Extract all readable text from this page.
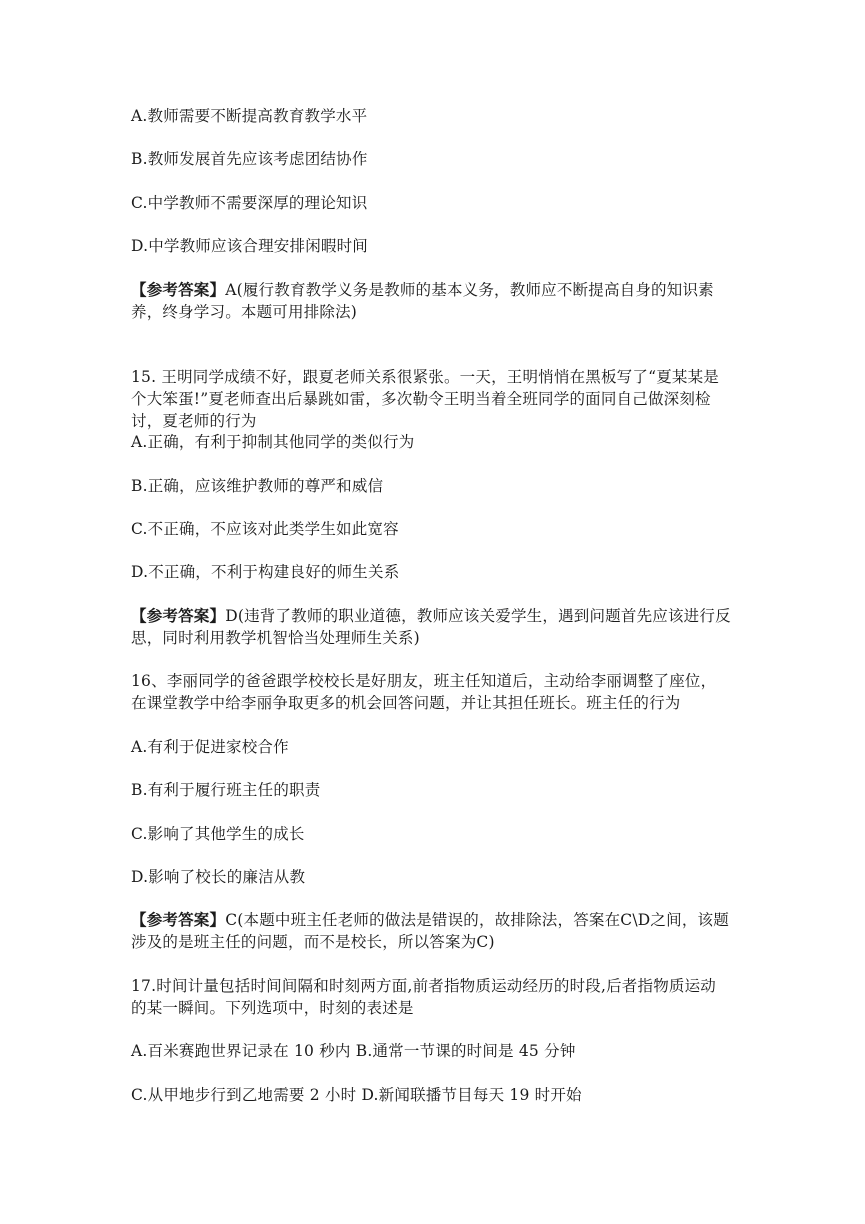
A.教师需要不断提高教育教学水平
B.教师发展首先应该考虑团结协作
C.中学教师不需要深厚的理论知识
D.中学教师应该合理安排闲暇时间
【参考答案】A(履行教育教学义务是教师的基本义务，教师应不断提高自身的知识素养，终身学习。本题可用排除法)
15. 王明同学成绩不好，跟夏老师关系很紧张。一天，王明悄悄在黑板写了“夏某某是个大笨蛋!”夏老师查出后暴跳如雷，多次勒令王明当着全班同学的面同自己做深刻检讨，夏老师的行为
A.正确，有利于抑制其他同学的类似行为
B.正确，应该维护教师的尊严和威信
C.不正确，不应该对此类学生如此宽容
D.不正确，不利于构建良好的师生关系
【参考答案】D(违背了教师的职业道德，教师应该关爱学生，遇到问题首先应该进行反思，同时利用教学机智恰当处理师生关系)
16、李丽同学的爸爸跟学校校长是好朋友，班主任知道后，主动给李丽调整了座位，在课堂教学中给李丽争取更多的机会回答问题，并让其担任班长。班主任的行为
A.有利于促进家校合作
B.有利于履行班主任的职责
C.影响了其他学生的成长
D.影响了校长的廉洁从教
【参考答案】C(本题中班主任老师的做法是错误的，故排除法，答案在C\D之间，该题涉及的是班主任的问题，而不是校长，所以答案为C)
17.时间计量包括时间间隔和时刻两方面,前者指物质运动经历的时段,后者指物质运动的某一瞬间。下列选项中，时刻的表述是
A.百米赛跑世界记录在 10 秒内 B.通常一节课的时间是 45 分钟
C.从甲地步行到乙地需要 2 小时 D.新闻联播节目每天 19 时开始
